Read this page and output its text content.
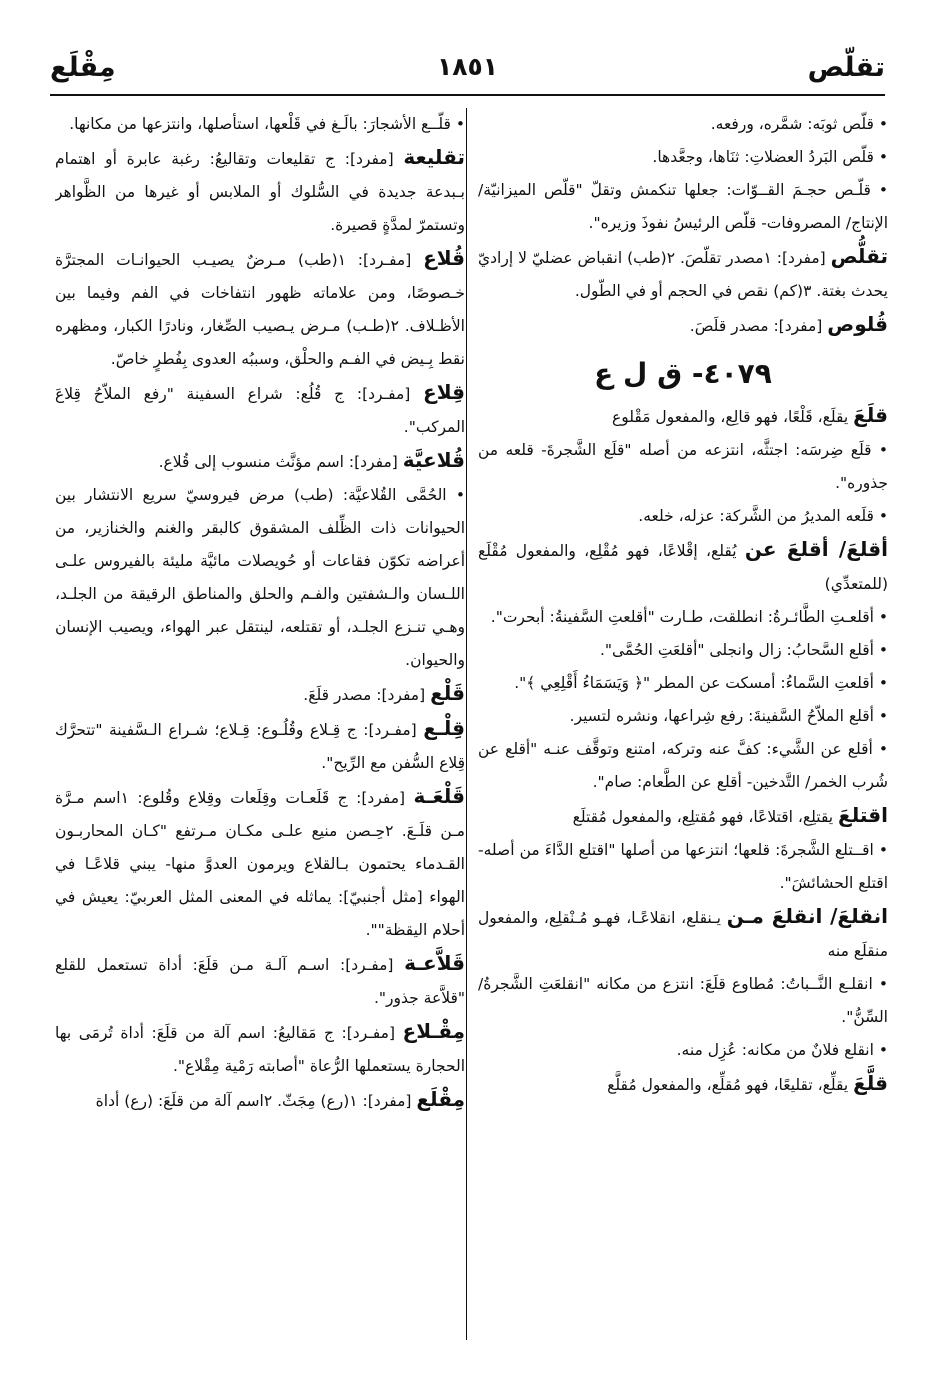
تقلّص
١٨٥١
مِقْلَع

• قلّص ثوبَه: شمَّره، ورفعه.

• قلّص البَردُ العضلاتِ: ثنَاها، وجعَّدها.

• قلّـص حجـمَ القــوّات: جعلها تنكمش وتقلّ "قلّص الميزانيّة/ الإنتاج/ المصروفات- قلّص الرئيسُ نفوذَ وزيره".

تقلُّص [مفرد]: ١مصدر تقلّصَ. ٢(طب) انقباض عضليّ لا إراديّ يحدث بغتة. ٣(كم) نقص في الحجم أو في الطّول.

قُلوص [مفرد]: مصدر قلَصَ.

٤٠٧٩- ق ل ع

قلَعَ يقلَع، قَلْعًا، فهو قالِع، والمفعول مَقْلوع

• قلَع ضِرسَه: اجتثَّه، انتزعه من أصله "قلَع الشَّجرةَ- قلعه من جذوره".

• قلَعه المديرُ من الشَّركة: عزله، خلعه.

أقلعَ/ أقلعَ عن يُقلع، إقْلاعًا، فهو مُقْلِع، والمفعول مُقْلَع (للمتعدِّي)

• أقلعـتِ الطَّائـرةُ: انطلقت، طـارت "أقلعتِ السَّفينةُ: أبحرت".

• أقلع السَّحابُ: زال وانجلى "أقلعَتِ الحُمَّى".

• أقلعتِ السَّماءُ: أمسكت عن المطر "﴿ وَيَسَمَاءُ أَقْلِعِي ﴾".

• أقلع الملاّحُ السَّفينةَ: رفع شِراعها، ونشره لتسير.

• أقلع عن الشَّيء: كفَّ عنه وتركه، امتنع وتوقَّف عنـه "أقلع عن شُرب الخمر/ التَّدخين- أقلع عن الطَّعام: صام".

اقتلعَ يقتلِع، اقتلاعًا، فهو مُقتلِع، والمفعول مُقتلَع

• اقــتلع الشَّجرةَ: قلعها؛ انتزعها من أصلها "اقتلع الدَّاءَ من أصله- اقتلع الحشائشَ".

انقلعَ/ انقلعَ مـن يـنقلع، انقلاعًـا، فهـو مُـنْقلِع، والمفعول منقلَع منه

• انقلـع النَّــباتُ: مُطاوع قلَعَ: انتزع من مكانه "انقلعَتِ الشَّجرةُ/ السِّنُّ".

• انقلع فلانٌ من مكانه: عُزِل منه.

قلَّعَ يقلِّع، تقليعًا، فهو مُقلِّع، والمفعول مُقلَّع

• قلّــع الأشجارَ: بالَـغ في قَلْعها، استأصلها، وانتزعها من مكانها.

تقليعة [مفرد]: ج تقليعات وتقاليعُ: رغبة عابرة أو اهتمام بـبدعة جديدة في السُّلوك أو الملابس أو غيرها من الظَّواهر وتستمرّ لمدَّةٍ قصيرة.

قُلاع [مفـرد]: ١(طب) مـرضٌ يصيـب الحيوانـات المجترَّة خـصوصًا، ومن علاماته ظهور انتفاخات في الفم وفيما بين الأظـلاف. ٢(طـب) مـرض يـصيب الصِّغار، ونادرًا الكبار، ومظهره نقط بِـيض في الفـم والحلْق، وسببُه العدوى بِفُطرٍ خاصّ.

قِلاع [مفـرد]: ج قُلُع: شراع السفينة "رفع الملاّحُ قِلاعَ المركب".

قُلاعيَّة [مفرد]: اسم مؤنَّث منسوب إلى قُلاع.

• الحُمَّى القُلاعيَّة: (طب) مرض فيروسيّ سريع الانتشار بين الحيوانات ذات الظِّلف المشقوق كالبقر والغنم والخنازير، من أعراضه تكوّن فقاعات أو حُويصلات مائيَّة مليئة بالفيروس علـى اللـسان والـشفتين والفـم والحلق والمناطق الرقيقة من الجلـد، وهـي تنـزع الجلـد، أو تقتلعه، لينتقل عبر الهواء، ويصيب الإنسان والحيوان.

قَلْع [مفرد]: مصدر قلَعَ.

قِلْـع [مفـرد]: ج قِـلاع وقُلُـوع: قِـلاع؛ شـراع الـسَّفينة "تتحرَّك قِلاع السُّفن مع الرِّيح".

قَلْعَـة [مفرد]: ج قَلَعـات وقِلَعات وقِلاع وقُلوع: ١اسم مـرَّة مـن قلَـعَ. ٢حِـصن منيع علـى مكـان مـرتفع "كـان المحاربـون القـدماء يحتمون بـالقلاع ويرمون العدوَّ منها- يبني قلاعًـا في الهواء [مثل أجنبيّ]: يماثله في المعنى المثل العربيّ: يعيش في أحلام اليقظة"".

قَلاَّعـة [مفـرد]: اسـم آلـة مـن قلَعَ: أداة تستعمل للقلع "قلاَّعة جذور".

مِقْـلاع [مفـرد]: ج مَقاليعُ: اسم آلة من قلَعَ: أداة تُرمَى بها الحجارة يستعملها الرُّعاة "أصابته رَمْية مِقْلاع".

مِقْلَع [مفرد]: ١(رع) مِجَثّ. ٢اسم آلة من قلَعَ: (رع) أداة
